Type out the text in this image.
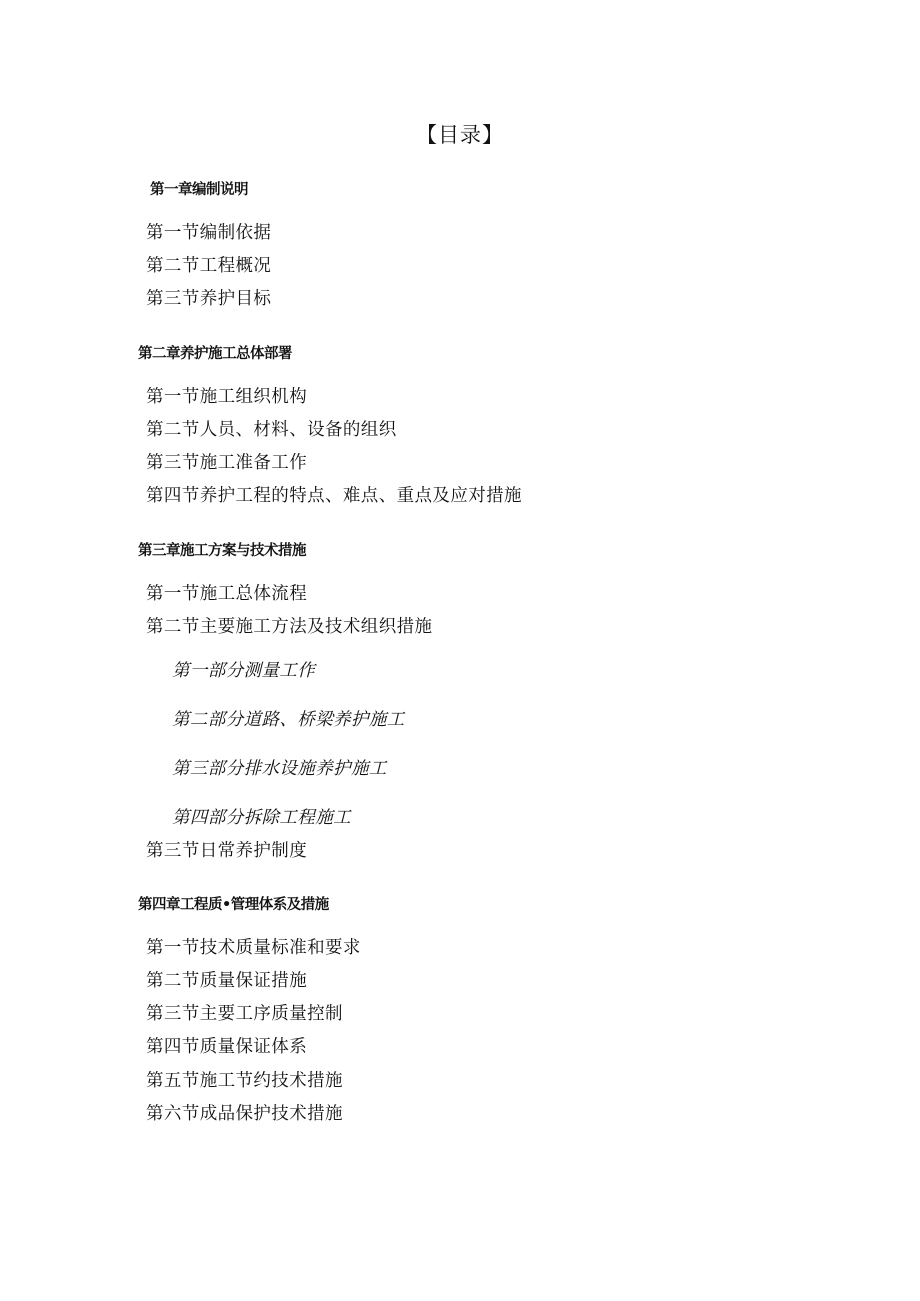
【目录】
第一章编制说明
第一节编制依据
第二节工程概况
第三节养护目标
第二章养护施工总体部署
第一节施工组织机构
第二节人员、材料、设备的组织
第三节施工准备工作
第四节养护工程的特点、难点、重点及应对措施
第三章施工方案与技术措施
第一节施工总体流程
第二节主要施工方法及技术组织措施
第一部分测量工作
第二部分道路、桥梁养护施工
第三部分排水设施养护施工
第四部分拆除工程施工
第三节日常养护制度
第四章工程质•管理体系及措施
第一节技术质量标准和要求
第二节质量保证措施
第三节主要工序质量控制
第四节质量保证体系
第五节施工节约技术措施
第六节成品保护技术措施
